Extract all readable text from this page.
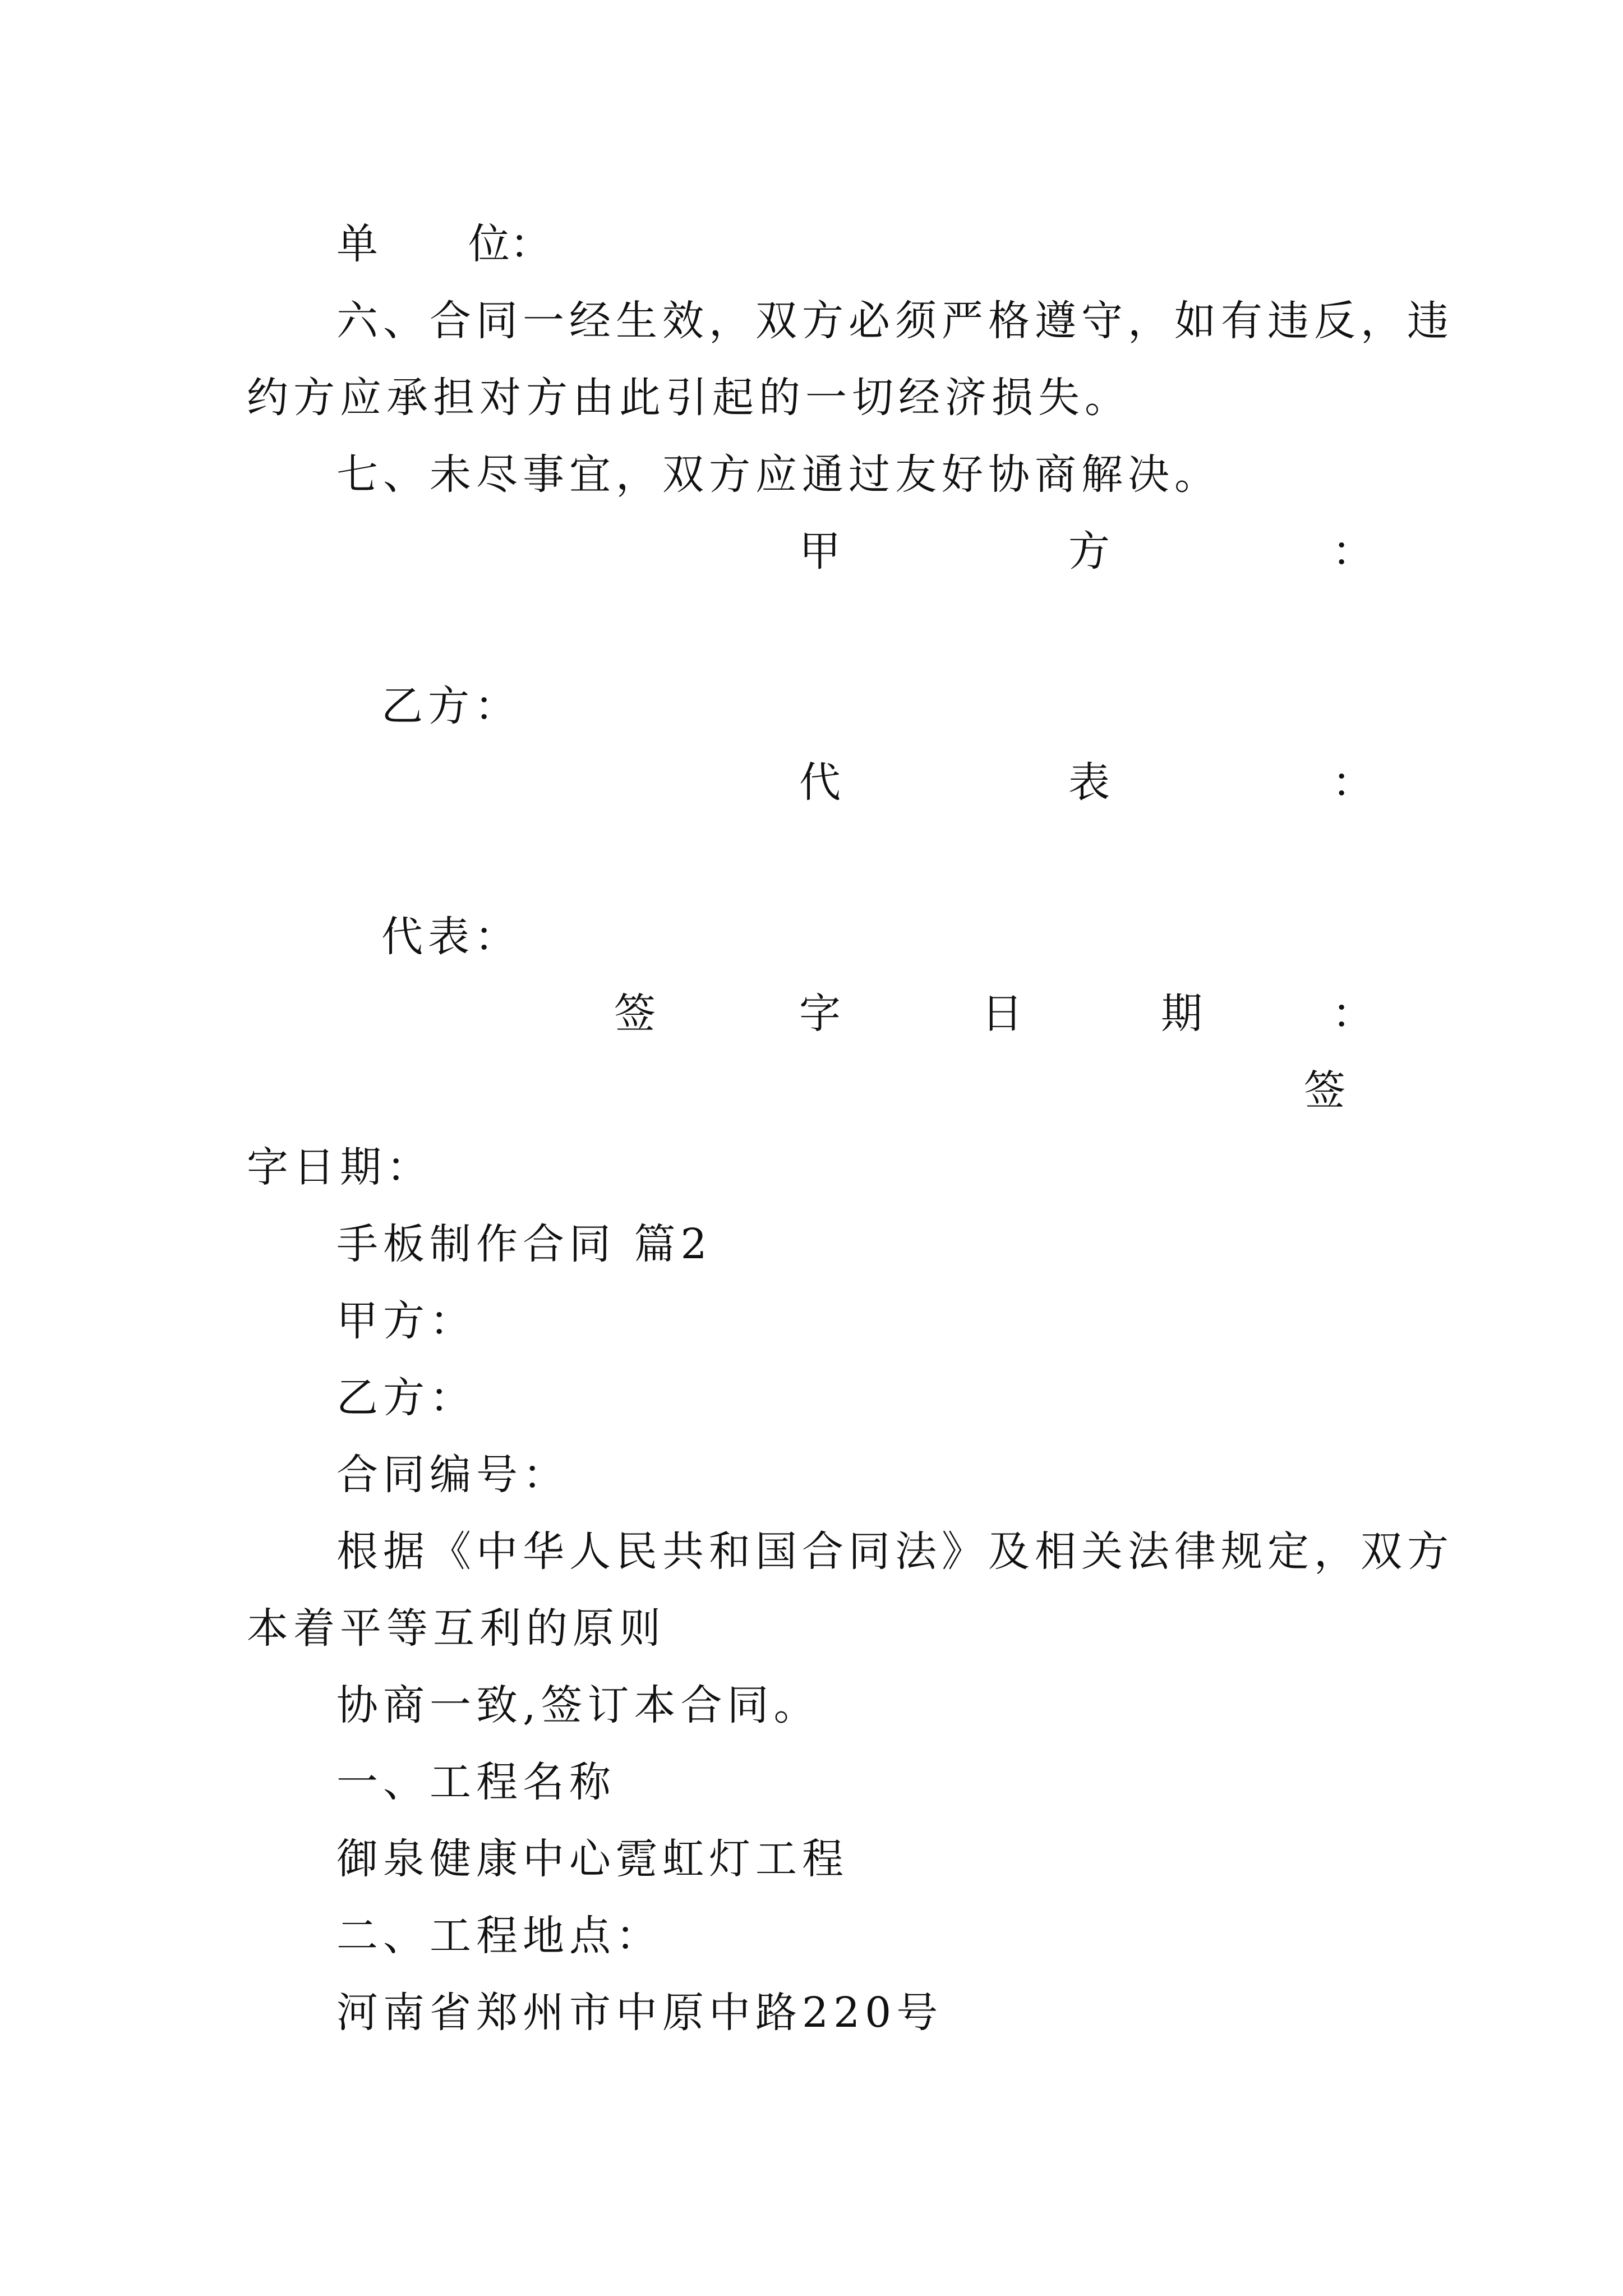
单 位：
六、合同一经生效，双方必须严格遵守，如有违反，违
约方应承担对方由此引起的一切经济损失。
七、未尽事宜，双方应通过友好协商解决。
甲	方	：
乙方：
代	表	：
代表：
签	字	日	期	：
签
字日期：
手板制作合同 篇2
甲方：
乙方：
合同编号：
根据《中华人民共和国合同法》及相关法律规定，双方
本着平等互利的原则
协商一致,签订本合同。
一、工程名称
御泉健康中心霓虹灯工程
二、工程地点：
河南省郑州市中原中路220号
